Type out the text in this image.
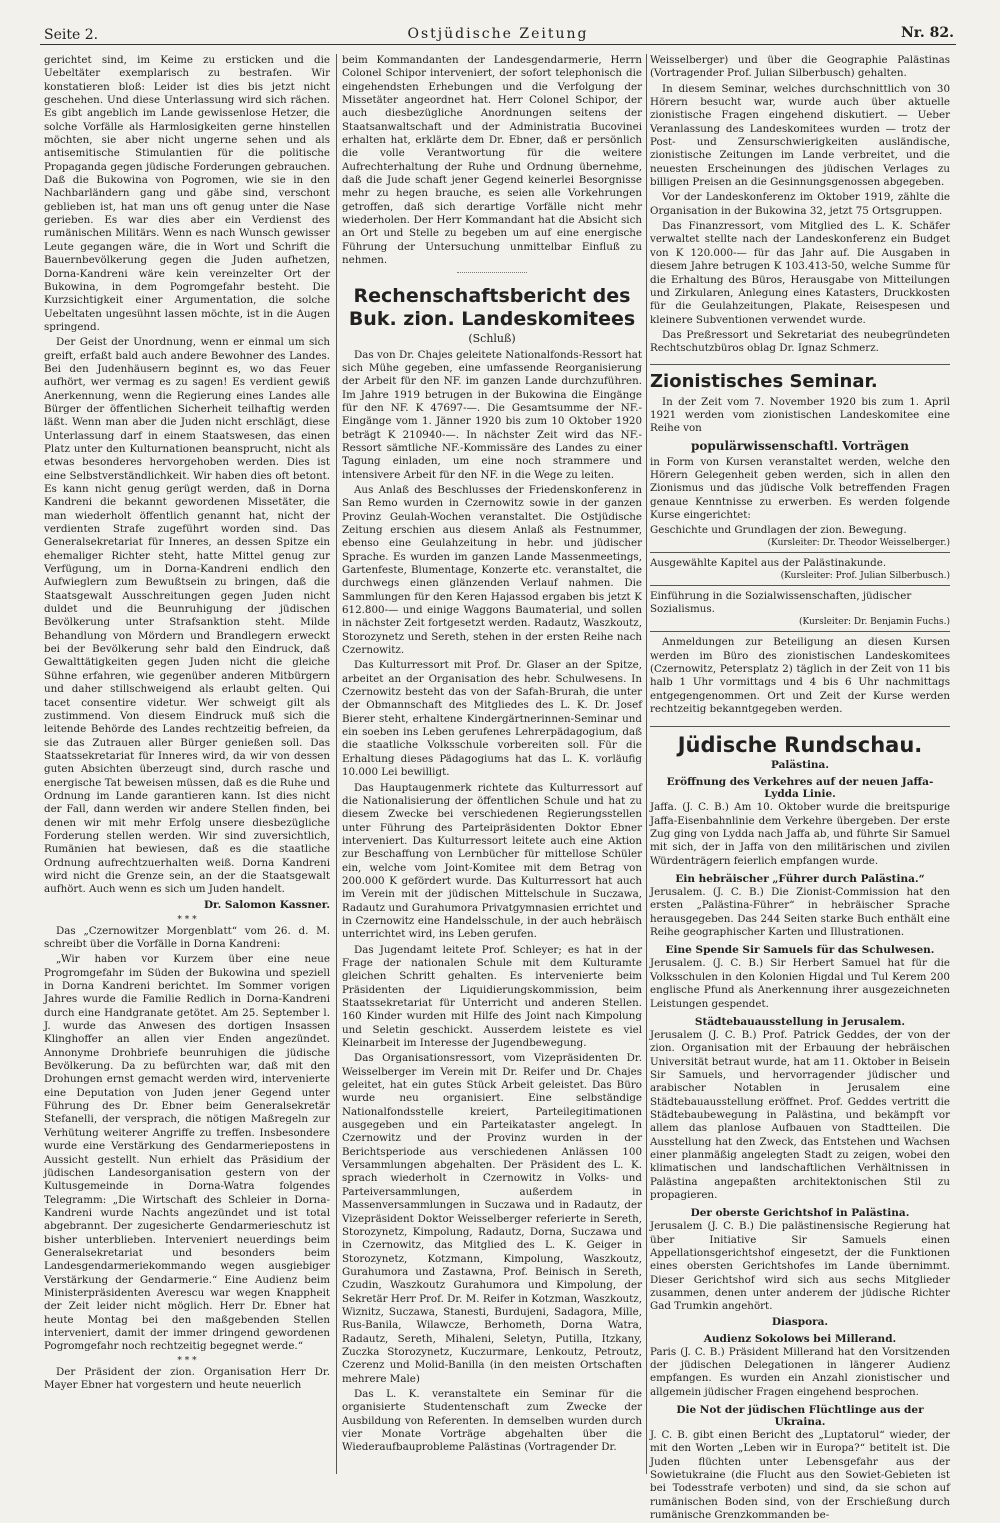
Seite 2.	Ostjüdische Zeitung	Nr. 82.

gerichtet sind, im Keime zu ersticken und die Uebeltäter exemplarisch zu bestrafen. Wir konstatieren bloß: Leider ist dies bis jetzt nicht geschehen. Und diese Unterlassung wird sich rächen. Es gibt angeblich im Lande gewissenlose Hetzer, die solche Vorfälle als Harmlosigkeiten gerne hinstellen möchten, sie aber nicht ungerne sehen und als antisemitische Stimulantien für die politische Propaganda gegen jüdische Forderungen gebrauchen. Daß die Bukowina von Pogromen, wie sie in den Nachbarländern gang und gäbe sind, verschont geblieben ist, hat man uns oft genug unter die Nase gerieben. Es war dies aber ein Verdienst des rumänischen Militärs. Wenn es nach Wunsch gewisser Leute gegangen wäre, die in Wort und Schrift die Bauernbevölkerung gegen die Juden aufhetzen, Dorna-Kandreni wäre kein vereinzelter Ort der Bukowina, in dem Pogromgefahr besteht. Die Kurzsichtigkeit einer Argumentation, die solche Uebeltaten ungesühnt lassen möchte, ist in die Augen springend.

Der Geist der Unordnung, wenn er einmal um sich greift, erfaßt bald auch andere Bewohner des Landes. Bei den Judenhäusern beginnt es, wo das Feuer aufhört, wer vermag es zu sagen! Es verdient gewiß Anerkennung, wenn die Regierung eines Landes alle Bürger der öffentlichen Sicherheit teilhaftig werden läßt. Wenn man aber die Juden nicht erschlägt, diese Unterlassung darf in einem Staatswesen, das einen Platz unter den Kulturnationen beansprucht, nicht als etwas besonderes hervorgehoben werden. Dies ist eine Selbstverständlichkeit. Wir haben dies oft betont. Es kann nicht genug gerügt werden, daß in Dorna Kandreni die bekannt gewordenen Missetäter, die man wiederholt öffentlich genannt hat, nicht der verdienten Strafe zugeführt worden sind. Das Generalsekretariat für Inneres, an dessen Spitze ein ehemaliger Richter steht, hatte Mittel genug zur Verfügung, um in Dorna-Kandreni endlich den Aufwieglern zum Bewußtsein zu bringen, daß die Staatsgewalt Ausschreitungen gegen Juden nicht duldet und die Beunruhigung der jüdischen Bevölkerung unter Strafsanktion steht. Milde Behandlung von Mördern und Brandlegern erweckt bei der Bevölkerung sehr bald den Eindruck, daß Gewalttätigkeiten gegen Juden nicht die gleiche Sühne erfahren, wie gegenüber anderen Mitbürgern und daher stillschweigend als erlaubt gelten. Qui tacet consentire videtur. Wer schweigt gilt als zustimmend. Von diesem Eindruck muß sich die leitende Behörde des Landes rechtzeitig befreien, da sie das Zutrauen aller Bürger genießen soll. Das Staatssekretariat für Inneres wird, da wir von dessen guten Absichten überzeugt sind, durch rasche und energische Tat beweisen müssen, daß es die Ruhe und Ordnung im Lande garantieren kann. Ist dies nicht der Fall, dann werden wir andere Stellen finden, bei denen wir mit mehr Erfolg unsere diesbezügliche Forderung stellen werden. Wir sind zuversichtlich, Rumänien hat bewiesen, daß es die staatliche Ordnung aufrechtzuerhalten weiß. Dorna Kandreni wird nicht die Grenze sein, an der die Staatsgewalt aufhört. Auch wenn es sich um Juden handelt.

Dr. Salomon Kassner.
* * *

Das „Czernowitzer Morgenblatt“ vom 26. d. M. schreibt über die Vorfälle in Dorna Kandreni:

„Wir haben vor Kurzem über eine neue Progromgefahr im Süden der Bukowina und speziell in Dorna Kandreni berichtet. Im Sommer vorigen Jahres wurde die Familie Redlich in Dorna-Kandreni durch eine Handgranate getötet. Am 25. September l. J. wurde das Anwesen des dortigen Insassen Klinghoffer an allen vier Enden angezündet. Annonyme Drohbriefe beunruhigen die jüdische Bevölkerung. Da zu befürchten war, daß mit den Drohungen ernst gemacht werden wird, intervenierte eine Deputation von Juden jener Gegend unter Führung des Dr. Ebner beim Generalsekretär Stefanelli, der versprach, die nötigen Maßregeln zur Verhütung weiterer Angriffe zu treffen. Insbesondere wurde eine Verstärkung des Gendarmeriepostens in Aussicht gestellt. Nun erhielt das Präsidium der jüdischen Landesorganisation gestern von der Kultusgemeinde in Dorna-Watra folgendes Telegramm: „Die Wirtschaft des Schleier in Dorna-Kandreni wurde Nachts angezündet und ist total abgebrannt. Der zugesicherte Gendarmerieschutz ist bisher unterblieben. Interveniert neuerdings beim Generalsekretariat und besonders beim Landesgendarmeriekommando wegen ausgiebiger Verstärkung der Gendarmerie.“ Eine Audienz beim Ministerpräsidenten Averescu war wegen Knappheit der Zeit leider nicht möglich. Herr Dr. Ebner hat heute Montag bei den maßgebenden Stellen interveniert, damit der immer dringend gewordenen Pogromgefahr noch rechtzeitig begegnet werde.“

* * *

Der Präsident der zion. Organisation Herr Dr. Mayer Ebner hat vorgestern und heute neuerlich

beim Kommandanten der Landesgendarmerie, Herrn Colonel Schipor interveniert, der sofort telephonisch die eingehendsten Erhebungen und die Verfolgung der Missetäter angeordnet hat. Herr Colonel Schipor, der auch diesbezügliche Anordnungen seitens der Staatsanwaltschaft und der Administratia Bucovinei erhalten hat, erklärte dem Dr. Ebner, daß er persönlich die volle Verantwortung für die weitere Aufrechterhaltung der Ruhe und Ordnung übernehme, daß die Jude schaft jener Gegend keinerlei Besorgnisse mehr zu hegen brauche, es seien alle Vorkehrungen getroffen, daß sich derartige Vorfälle nicht mehr wiederholen. Der Herr Kommandant hat die Absicht sich an Ort und Stelle zu begeben um auf eine energische Führung der Untersuchung unmittelbar Einfluß zu nehmen.

Rechenschaftsbericht des Buk. zion. Landeskomitees
(Schluß)

Das von Dr. Chajes geleitete Nationalfonds-Ressort hat sich Mühe gegeben, eine umfassende Reorganisierung der Arbeit für den NF. im ganzen Lande durchzuführen. Im Jahre 1919 betrugen in der Bukowina die Eingänge für den NF. K 47697-—. Die Gesamtsumme der NF.-Eingänge vom 1. Jänner 1920 bis zum 10 Oktober 1920 beträgt K 210940-—. In nächster Zeit wird das NF.-Ressort sämtliche NF.-Kommissäre des Landes zu einer Tagung einladen, um eine noch strammere und intensivere Arbeit für den NF. in die Wege zu leiten.

Aus Anlaß des Beschlusses der Friedenskonferenz in San Remo wurden in Czernowitz sowie in der ganzen Provinz Geulah-Wochen veranstaltet. Die Ostjüdische Zeitung erschien aus diesem Anlaß als Festnummer, ebenso eine Geulahzeitung in hebr. und jüdischer Sprache. Es wurden im ganzen Lande Massenmeetings, Gartenfeste, Blumentage, Konzerte etc. veranstaltet, die durchwegs einen glänzenden Verlauf nahmen. Die Sammlungen für den Keren Hajassod ergaben bis jetzt K 612.800-— und einige Waggons Baumaterial, und sollen in nächster Zeit fortgesetzt werden. Radautz, Waszkoutz, Storozynetz und Sereth, stehen in der ersten Reihe nach Czernowitz.

Das Kulturressort mit Prof. Dr. Glaser an der Spitze, arbeitet an der Organisation des hebr. Schulwesens. In Czernowitz besteht das von der Safah-Brurah, die unter der Obmannschaft des Mitgliedes des L. K. Dr. Josef Bierer steht, erhaltene Kindergärtnerinnen-Seminar und ein soeben ins Leben gerufenes Lehrerpädagogium, daß die staatliche Volksschule vorbereiten soll. Für die Erhaltung dieses Pädagogiums hat das L. K. vorläufig 10.000 Lei bewilligt.

Das Hauptaugenmerk richtete das Kulturressort auf die Nationalisierung der öffentlichen Schule und hat zu diesem Zwecke bei verschiedenen Regierungsstellen unter Führung des Parteipräsidenten Doktor Ebner interveniert. Das Kulturressort leitete auch eine Aktion zur Beschaffung von Lernbücher für mittellose Schüler ein, welche vom Joint-Komitee mit dem Betrag von 200.000 K gefördert wurde. Das Kulturressort hat auch im Verein mit der jüdischen Mittelschule in Suczawa, Radautz und Gurahumora Privatgymnasien errichtet und in Czernowitz eine Handelsschule, in der auch hebräisch unterrichtet wird, ins Leben gerufen.

Das Jugendamt leitete Prof. Schleyer; es hat in der Frage der nationalen Schule mit dem Kulturamte gleichen Schritt gehalten. Es intervenierte beim Präsidenten der Liquidierungskommission, beim Staatssekretariat für Unterricht und anderen Stellen. 160 Kinder wurden mit Hilfe des Joint nach Kimpolung und Seletin geschickt. Ausserdem leistete es viel Kleinarbeit im Interesse der Jugendbewegung.

Das Organisationsressort, vom Vizepräsidenten Dr. Weisselberger im Verein mit Dr. Reifer und Dr. Chajes geleitet, hat ein gutes Stück Arbeit geleistet. Das Büro wurde neu organisiert. Eine selbständige Nationalfondsstelle kreiert, Parteilegitimationen ausgegeben und ein Parteikataster angelegt. In Czernowitz und der Provinz wurden in der Berichtsperiode aus verschiedenen Anlässen 100 Versammlungen abgehalten. Der Präsident des L. K. sprach wiederholt in Czernowitz in Volks- und Parteiversammlungen, außerdem in Massenversammlungen in Suczawa und in Radautz, der Vizepräsident Doktor Weisselberger referierte in Sereth, Storozynetz, Kimpolung, Radautz, Dorna, Suczawa und in Czernowitz, das Mitglied des L. K. Geiger in Storozynetz, Kotzmann, Kimpolung, Waszkoutz, Gurahumora und Zastawna, Prof. Beinisch in Sereth, Czudin, Waszkoutz Gurahumora und Kimpolung, der Sekretär Herr Prof. Dr. M. Reifer in Kotzman, Waszkoutz, Wiznitz, Suczawa, Stanesti, Burdujeni, Sadagora, Mille, Rus-Banila, Wilawcze, Berhometh, Dorna Watra, Radautz, Sereth, Mihaleni, Seletyn, Putilla, Itzkany, Zuczka Storozynetz, Kuczurmare, Lenkoutz, Petroutz, Czerenz und Molid-Banilla (in den meisten Ortschaften mehrere Male)

Das L. K. veranstaltete ein Seminar für die organisierte Studentenschaft zum Zwecke der Ausbildung von Referenten. In demselben wurden durch vier Monate Vorträge abgehalten über die Wiederaufbauprobleme Palästinas (Vortragender Dr.

Weisselberger) und über die Geographie Palästinas (Vortragender Prof. Julian Silberbusch) gehalten.

In diesem Seminar, welches durchschnittlich von 30 Hörern besucht war, wurde auch über aktuelle zionistische Fragen eingehend diskutiert. — Ueber Veranlassung des Landeskomitees wurden — trotz der Post- und Zensurschwierigkeiten ausländische, zionistische Zeitungen im Lande verbreitet, und die neuesten Erscheinungen des jüdischen Verlages zu billigen Preisen an die Gesinnungsgenossen abgegeben.

Vor der Landeskonferenz im Oktober 1919, zählte die Organisation in der Bukowina 32, jetzt 75 Ortsgruppen.

Das Finanzressort, vom Mitglied des L. K. Schäfer verwaltet stellte nach der Landeskonferenz ein Budget von K 120.000-— für das Jahr auf. Die Ausgaben in diesem Jahre betrugen K 103.413-50, welche Summe für die Erhaltung des Büros, Herausgabe von Mitteilungen und Zirkularen, Anlegung eines Katasters, Druckkosten für die Geulahzeitungen, Plakate, Reisespesen und kleinere Subventionen verwendet wurde.

Das Preßressort und Sekretariat des neubegründeten Rechtschutzbüros oblag Dr. Ignaz Schmerz.

Zionistisches Seminar.

In der Zeit vom 7. November 1920 bis zum 1. April 1921 werden vom zionistischen Landeskomitee eine Reihe von

populärwissenschaftl. Vorträgen

in Form von Kursen veranstaltet werden, welche den Hörern Gelegenheit geben werden, sich in allen den Zionismus und das jüdische Volk betreffenden Fragen genaue Kenntnisse zu erwerben. Es werden folgende Kurse eingerichtet:

Geschichte und Grundlagen der zion. Bewegung.
(Kursleiter: Dr. Theodor Weisselberger.)
Ausgewählte Kapitel aus der Palästinakunde.
(Kursleiter: Prof. Julian Silberbusch.)
Einführung in die Sozialwissenschaften, jüdischer Sozialismus.
(Kursleiter: Dr. Benjamin Fuchs.)

Anmeldungen zur Beteiligung an diesen Kursen werden im Büro des zionistischen Landeskomitees (Czernowitz, Petersplatz 2) täglich in der Zeit von 11 bis halb 1 Uhr vormittags und 4 bis 6 Uhr nachmittags entgegengenommen. Ort und Zeit der Kurse werden rechtzeitig bekanntgegeben werden.

Jüdische Rundschau.
Palästina.
Eröffnung des Verkehres auf der neuen Jaffa-Lydda Linie.

Jaffa. (J. C. B.) Am 10. Oktober wurde die breitspurige Jaffa-Eisenbahnlinie dem Verkehre übergeben. Der erste Zug ging von Lydda nach Jaffa ab, und führte Sir Samuel mit sich, der in Jaffa von den militärischen und zivilen Würdenträgern feierlich empfangen wurde.

Ein hebräischer „Führer durch Palästina.“

Jerusalem. (J. C. B.) Die Zionist-Commission hat den ersten „Palästina-Führer“ in hebräischer Sprache herausgegeben. Das 244 Seiten starke Buch enthält eine Reihe geographischer Karten und Illustrationen.

Eine Spende Sir Samuels für das Schulwesen.

Jerusalem. (J. C. B.) Sir Herbert Samuel hat für die Volksschulen in den Kolonien Higdal und Tul Kerem 200 englische Pfund als Anerkennung ihrer ausgezeichneten Leistungen gespendet.

Städtebauausstellung in Jerusalem.

Jerusalem (J. C. B.) Prof. Patrick Geddes, der von der zion. Organisation mit der Erbauung der hebräischen Universität betraut wurde, hat am 11. Oktober in Beisein Sir Samuels, und hervorragender jüdischer und arabischer Notablen in Jerusalem eine Städtebauausstellung eröffnet. Prof. Geddes vertritt die Städtebaubewegung in Palästina, und bekämpft vor allem das planlose Aufbauen von Stadtteilen. Die Ausstellung hat den Zweck, das Entstehen und Wachsen einer planmäßig angelegten Stadt zu zeigen, wobei den klimatischen und landschaftlichen Verhältnissen in Palästina angepaßten architektonischen Stil zu propagieren.

Der oberste Gerichtshof in Palästina.

Jerusalem (J. C. B.) Die palästinensische Regierung hat über Initiative Sir Samuels einen Appellationsgerichtshof eingesetzt, der die Funktionen eines obersten Gerichtshofes im Lande übernimmt. Dieser Gerichtshof wird sich aus sechs Mitglieder zusammen, denen unter anderem der jüdische Richter Gad Trumkin angehört.

Diaspora.
Audienz Sokolows bei Millerand.

Paris (J. C. B.) Präsident Millerand hat den Vorsitzenden der jüdischen Delegationen in längerer Audienz empfangen. Es wurden ein Anzahl zionistischer und allgemein jüdischer Fragen eingehend besprochen.

Die Not der jüdischen Flüchtlinge aus der Ukraina.

J. C. B. gibt einen Bericht des „Luptatorul“ wieder, der mit den Worten „Leben wir in Europa?“ betitelt ist. Die Juden flüchten unter Lebensgefahr aus der Sowietukraine (die Flucht aus den Sowiet-Gebieten ist bei Todesstrafe verboten) und sind, da sie schon auf rumänischen Boden sind, von der Erschießung durch rumänische Grenzkommanden be-
